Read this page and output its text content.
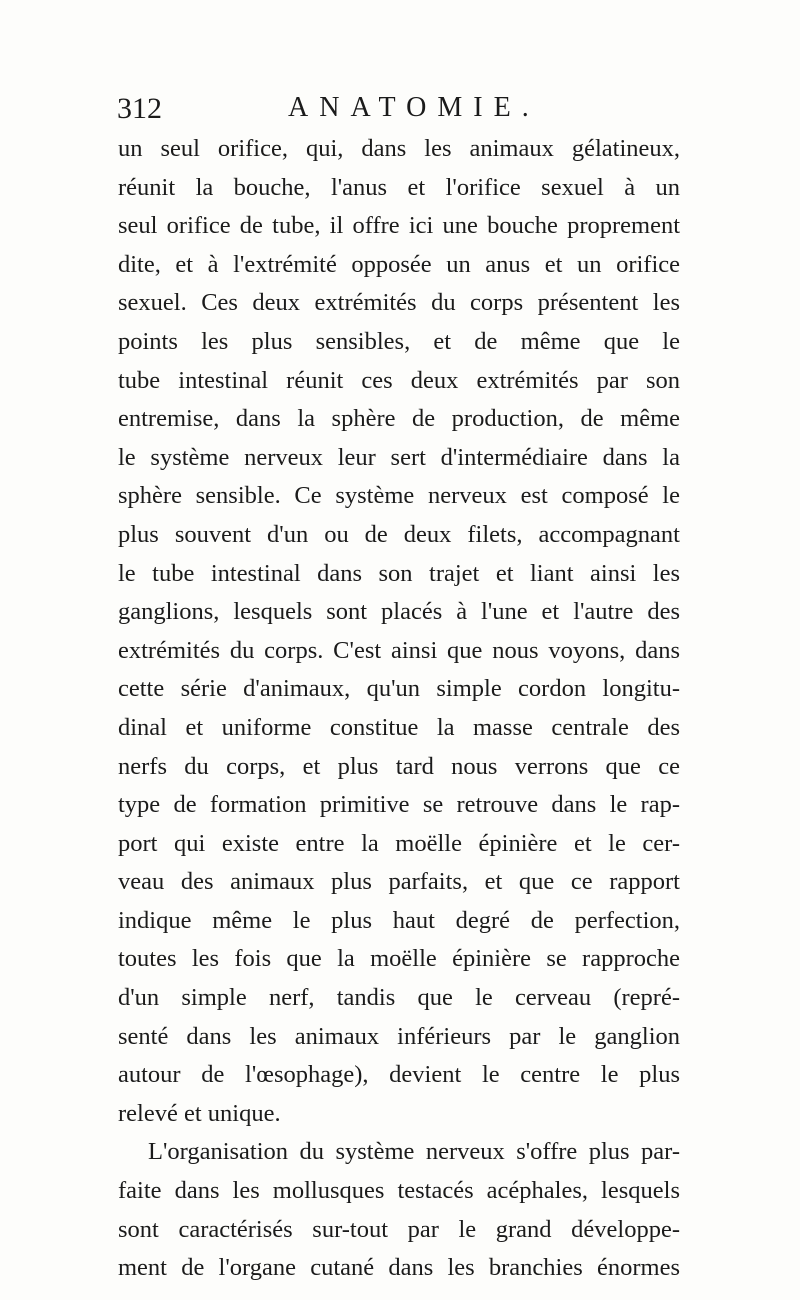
312	ANATOMIE.
un seul orifice, qui, dans les animaux gélatineux,
réunit la bouche, l'anus et l'orifice sexuel à un
seul orifice de tube, il offre ici une bouche proprement
dite, et à l'extrémité opposée un anus et un orifice
sexuel. Ces deux extrémités du corps présentent les
points les plus sensibles, et de même que le
tube intestinal réunit ces deux extrémités par son
entremise, dans la sphère de production, de même
le système nerveux leur sert d'intermédiaire dans la
sphère sensible. Ce système nerveux est composé le
plus souvent d'un ou de deux filets, accompagnant
le tube intestinal dans son trajet et liant ainsi les
ganglions, lesquels sont placés à l'une et l'autre des
extrémités du corps. C'est ainsi que nous voyons, dans
cette série d'animaux, qu'un simple cordon longitu-
dinal et uniforme constitue la masse centrale des
nerfs du corps, et plus tard nous verrons que ce
type de formation primitive se retrouve dans le rap-
port qui existe entre la moëlle épinière et le cer-
veau des animaux plus parfaits, et que ce rapport
indique même le plus haut degré de perfection,
toutes les fois que la moëlle épinière se rapproche
d'un simple nerf, tandis que le cerveau (repré-
senté dans les animaux inférieurs par le ganglion
autour de l'œsophage), devient le centre le plus
relevé et unique.
L'organisation du système nerveux s'offre plus par-
faite dans les mollusques testacés acéphales, lesquels
sont caractérisés sur-tout par le grand développe-
ment de l'organe cutané dans les branchies énormes
